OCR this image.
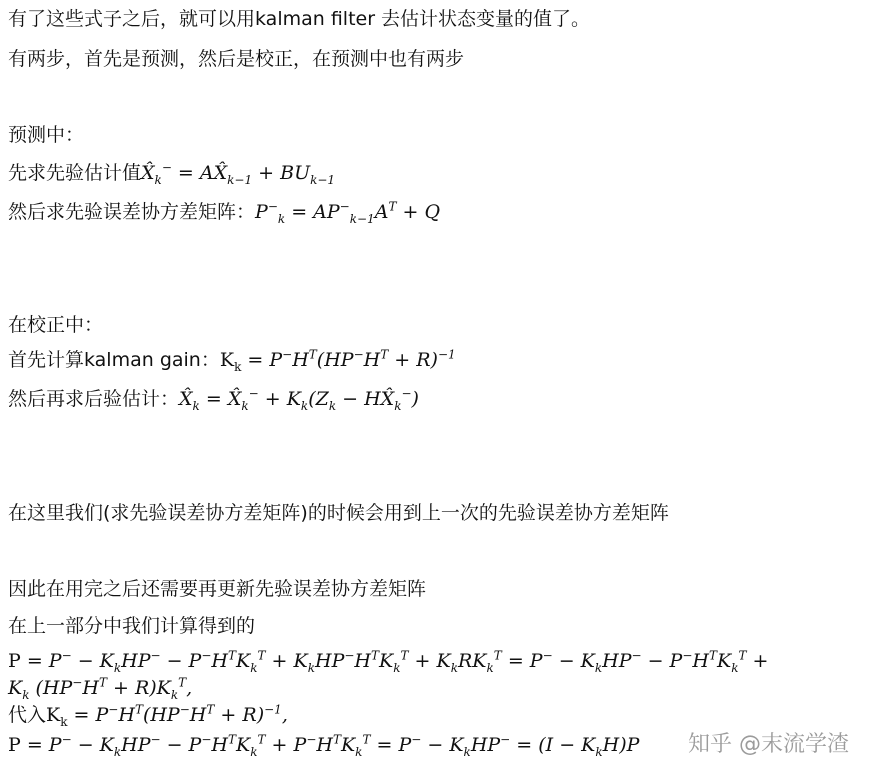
有了这些式子之后，就可以用kalman filter 去估计状态变量的值了。
有两步，首先是预测，然后是校正，在预测中也有两步
预测中：
先求先验估计值$X̂_k^-$ = $AX̂_{k-1} + BU_{k-1}$
然后求先验误差协方差矩阵：$P^-_k = AP^-_{k-1}A^T + Q$
在校正中：
首先计算kalman gain：$K_k = P^-H^T(HP^-H^T + R)^{-1}$
然后再求后验估计：$X̂_k$ = $X̂_k^- + K_k(Z_k$ − $HX̂_k^-$)
在这里我们(求先验误差协方差矩阵)的时候会用到上一次的先验误差协方差矩阵
因此在用完之后还需要再更新先验误差协方差矩阵
在上一部分中我们计算得到的
$P = P^- - K_kHP^- - P^-H^TK_k^T + K_kHP^-H^TK_k^T + K_kRK_k^T = P^- - K_kHP^- - P^-H^TK_k^T$ +
$K_k$ $(HP^-H^T + R)K_k^T$,
代入$K_k = P^-H^T(HP^-H^T + R)^{-1}$,
$P = P^- - K_kHP^- - P^-H^TK_k^T + P^-H^TK_k^T = P^- - K_kHP^- = (I - K_kH)P$ 知乎 @末流学渣
